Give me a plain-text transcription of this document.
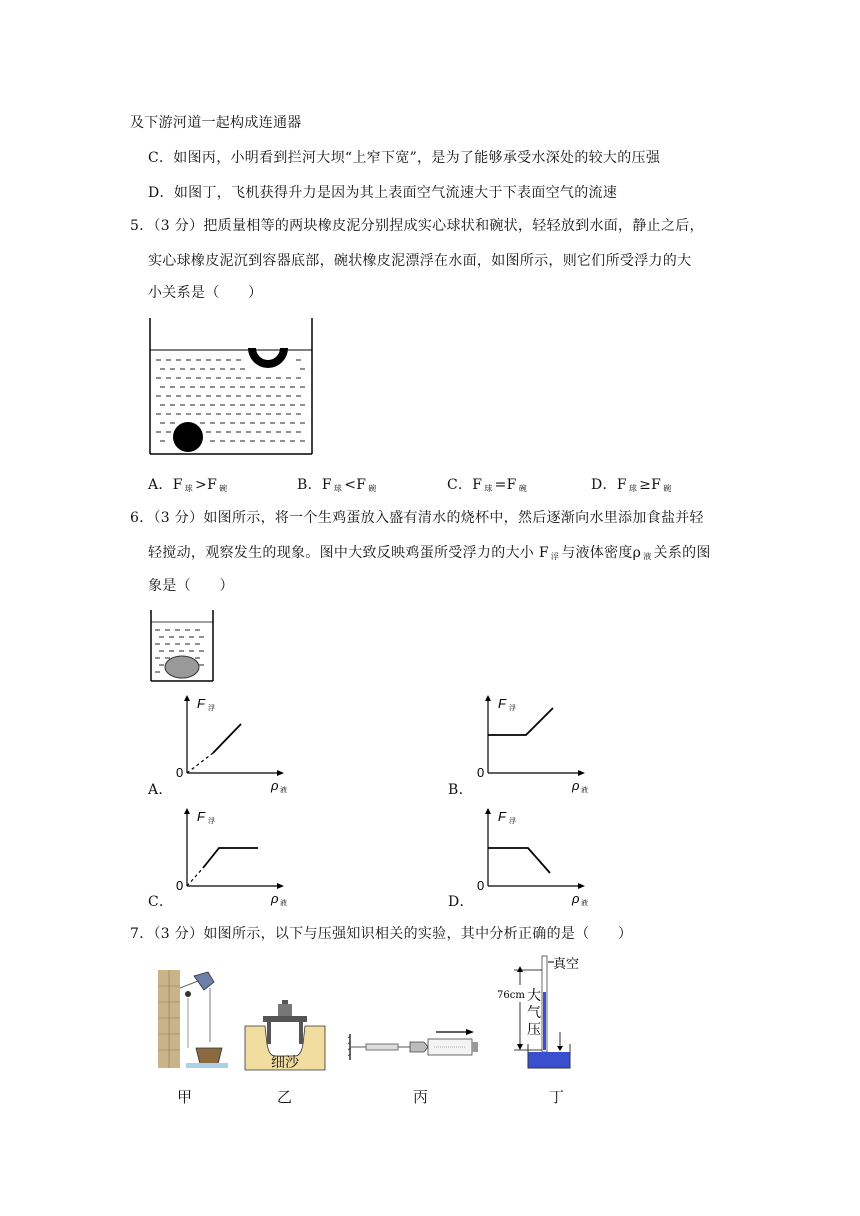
及下游河道一起构成连通器
C．如图丙，小明看到拦河大坝“上窄下宽”，是为了能够承受水深处的较大的压强
D．如图丁，飞机获得升力是因为其上表面空气流速大于下表面空气的流速
5．（3 分）把质量相等的两块橡皮泥分别捏成实心球状和碗状，轻轻放到水面，静止之后，
实心球橡皮泥沉到容器底部，碗状橡皮泥漂浮在水面，如图所示，则它们所受浮力的大
小关系是（　　）
A．F $_球$ >F $_碗$	B．F $_球$ <F $_碗$	C．F $_球$ =F $_碗$	D．F $_球$ ≥F $_碗$
6．（3 分）如图所示，将一个生鸡蛋放入盛有清水的烧杯中，然后逐渐向水里添加食盐并轻
轻搅动，观察发生的现象。图中大致反映鸡蛋所受浮力的大小 F $_浮$ 与液体密度ρ $_液$ 关系的图
象是（　　）
F 浮
0
ρ 液
A．
F 浮
0
ρ 液
B．
F 浮
0
ρ 液
C．
F 浮
0
ρ 液
D．
7．（3 分）如图所示，以下与压强知识相关的实验，其中分析正确的是（　　）
甲
细沙
乙	丙
真空
76cm 大
气
压
丁
